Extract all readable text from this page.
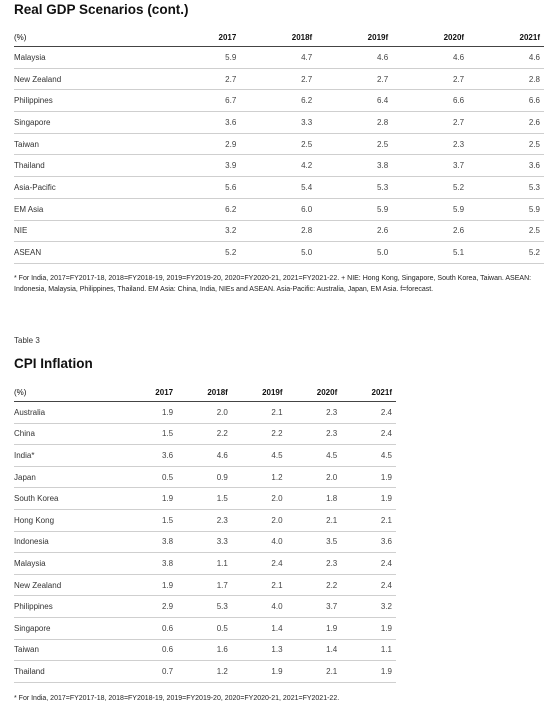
Real GDP Scenarios (cont.)
(%)	2017	2018f	2019f	2020f	2021f
Malaysia	5.9	4.7	4.6	4.6	4.6
New Zealand	2.7	2.7	2.7	2.7	2.8
Philippines	6.7	6.2	6.4	6.6	6.6
Singapore	3.6	3.3	2.8	2.7	2.6
Taiwan	2.9	2.5	2.5	2.3	2.5
Thailand	3.9	4.2	3.8	3.7	3.6
Asia-Pacific	5.6	5.4	5.3	5.2	5.3
EM Asia	6.2	6.0	5.9	5.9	5.9
NIE	3.2	2.8	2.6	2.6	2.5
ASEAN	5.2	5.0	5.0	5.1	5.2
* For India, 2017=FY2017-18, 2018=FY2018-19, 2019=FY2019-20, 2020=FY2020-21, 2021=FY2021-22. + NIE: Hong Kong, Singapore, South Korea, Taiwan. ASEAN: Indonesia, Malaysia, Philippines, Thailand. EM Asia: China, India, NIEs and ASEAN. Asia-Pacific: Australia, Japan, EM Asia. f=forecast.
Table 3
CPI Inflation
(%)	2017	2018f	2019f	2020f	2021f
Australia	1.9	2.0	2.1	2.3	2.4
China	1.5	2.2	2.2	2.3	2.4
India*	3.6	4.6	4.5	4.5	4.5
Japan	0.5	0.9	1.2	2.0	1.9
South Korea	1.9	1.5	2.0	1.8	1.9
Hong Kong	1.5	2.3	2.0	2.1	2.1
Indonesia	3.8	3.3	4.0	3.5	3.6
Malaysia	3.8	1.1	2.4	2.3	2.4
New Zealand	1.9	1.7	2.1	2.2	2.4
Philippines	2.9	5.3	4.0	3.7	3.2
Singapore	0.6	0.5	1.4	1.9	1.9
Taiwan	0.6	1.6	1.3	1.4	1.1
Thailand	0.7	1.2	1.9	2.1	1.9
* For India, 2017=FY2017-18, 2018=FY2018-19, 2019=FY2019-20, 2020=FY2020-21, 2021=FY2021-22.
